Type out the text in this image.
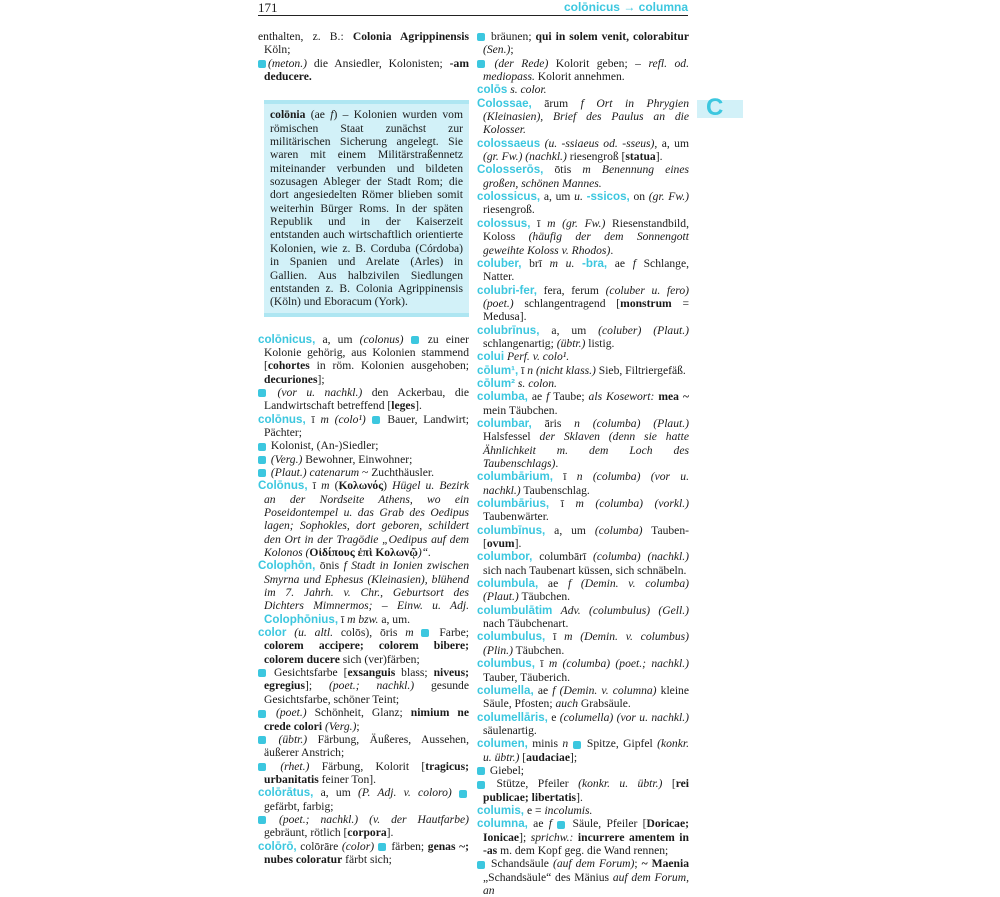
171	colōnicus → columna
C

enthalten, z. B.: Colonia Agrippinensis Köln;

(meton.) die Ansiedler, Kolonisten; -am deducere.

colōnia (ae f) – Kolonien wurden vom römischen Staat zunächst zur militärischen Sicherung angelegt. Sie waren mit einem Militärstraßennetz miteinander verbunden und bildeten sozusagen Ableger der Stadt Rom; die dort angesiedelten Römer blieben somit weiterhin Bürger Roms. In der späten Republik und in der Kaiserzeit entstanden auch wirtschaftlich orientierte Kolonien, wie z. B. Corduba (Córdoba) in Spanien und Arelate (Arles) in Gallien. Aus halbzivilen Siedlungen entstanden z. B. Colonia Agrippinensis (Köln) und Eboracum (York).

colōnicus, a, um (colonus)  zu einer Kolonie gehörig, aus Kolonien stammend [cohortes in röm. Kolonien ausgehoben; decuriones];

(vor u. nachkl.) den Ackerbau, die Landwirtschaft betreffend [leges].

colōnus, ī m (colo¹)  Bauer, Landwirt; Pächter;

Kolonist, (An-)Siedler;

(Verg.) Bewohner, Einwohner;

(Plaut.) catenarum ~ Zuchthäusler.

Colōnus, ī m (Κολωνός) Hügel u. Bezirk an der Nordseite Athens, wo ein Poseidontempel u. das Grab des Oedipus lagen; Sophokles, dort geboren, schildert den Ort in der Tragödie „Oedipus auf dem Kolonos (Οἰδίπους ἐπὶ Κολωνῷ)“.

Colophōn, ōnis f Stadt in Ionien zwischen Smyrna und Ephesus (Kleinasien), blühend im 7. Jahrh. v. Chr., Geburtsort des Dichters Mimnermos; – Einw. u. Adj. Colophōnius, ī m bzw. a, um.

color (u. altl. colōs), ōris m  Farbe; colorem accipere; colorem bibere; colorem ducere sich (ver)färben;

Gesichtsfarbe [exsanguis blass; niveus; egregius]; (poet.; nachkl.) gesunde Gesichtsfarbe, schöner Teint;

(poet.) Schönheit, Glanz; nimium ne crede colori (Verg.);

(übtr.) Färbung, Äußeres, Aussehen, äußerer Anstrich;

(rhet.) Färbung, Kolorit [tragicus; urbanitatis feiner Ton].

colōrātus, a, um (P. Adj. v. coloro)  gefärbt, farbig;

(poet.; nachkl.) (v. der Hautfarbe) gebräunt, rötlich [corpora].

colōrō, colōrāre (color)  färben; genas ~; nubes coloratur färbt sich;

bräunen; qui in solem venit, colorabitur (Sen.);

(der Rede) Kolorit geben; – refl. od. mediopass. Kolorit annehmen.

colōs s. color.

Colossae, ārum f Ort in Phrygien (Kleinasien), Brief des Paulus an die Kolosser.

colossaeus (u. -ssiaeus od. -sseus), a, um (gr. Fw.) (nachkl.) riesengroß [statua].

Colosserōs, ōtis m Benennung eines großen, schönen Mannes.

colossicus, a, um u. -ssicos, on (gr. Fw.) riesengroß.

colossus, ī m (gr. Fw.) Riesenstandbild, Koloss (häufig der dem Sonnengott geweihte Koloss v. Rhodos).

coluber, brī m u. -bra, ae f Schlange, Natter.

colubri-fer, fera, ferum (coluber u. fero) (poet.) schlangentragend [monstrum = Medusa].

colubrīnus, a, um (coluber) (Plaut.) schlangenartig; (übtr.) listig.

colui Perf. v. colo¹.

cōlum¹, ī n (nicht klass.) Sieb, Filtriergefäß.

cōlum² s. colon.

columba, ae f Taube; als Kosewort: mea ~ mein Täubchen.

columbar, āris n (columba) (Plaut.) Halsfessel der Sklaven (denn sie hatte Ähnlichkeit m. dem Loch des Taubenschlags).

columbārium, ī n (columba) (vor u. nachkl.) Taubenschlag.

columbārius, ī m (columba) (vorkl.) Taubenwärter.

columbīnus, a, um (columba) Tauben- [ovum].

columbor, columbārī (columba) (nachkl.) sich nach Taubenart küssen, sich schnäbeln.

columbula, ae f (Demin. v. columba) (Plaut.) Täubchen.

columbulātim Adv. (columbulus) (Gell.) nach Täubchenart.

columbulus, ī m (Demin. v. columbus) (Plin.) Täubchen.

columbus, ī m (columba) (poet.; nachkl.) Tauber, Täuberich.

columella, ae f (Demin. v. columna) kleine Säule, Pfosten; auch Grabsäule.

columellāris, e (columella) (vor u. nachkl.) säulenartig.

columen, minis n  Spitze, Gipfel (konkr. u. übtr.) [audaciae];

Giebel;

Stütze, Pfeiler (konkr. u. übtr.) [rei publicae; libertatis].

columis, e = incolumis.

columna, ae f  Säule, Pfeiler [Doricae; Ionicae]; sprichw.: incurrere amentem in -as m. dem Kopf geg. die Wand rennen;

Schandsäule (auf dem Forum); ~ Maenia „Schandsäule“ des Mänius auf dem Forum, an
